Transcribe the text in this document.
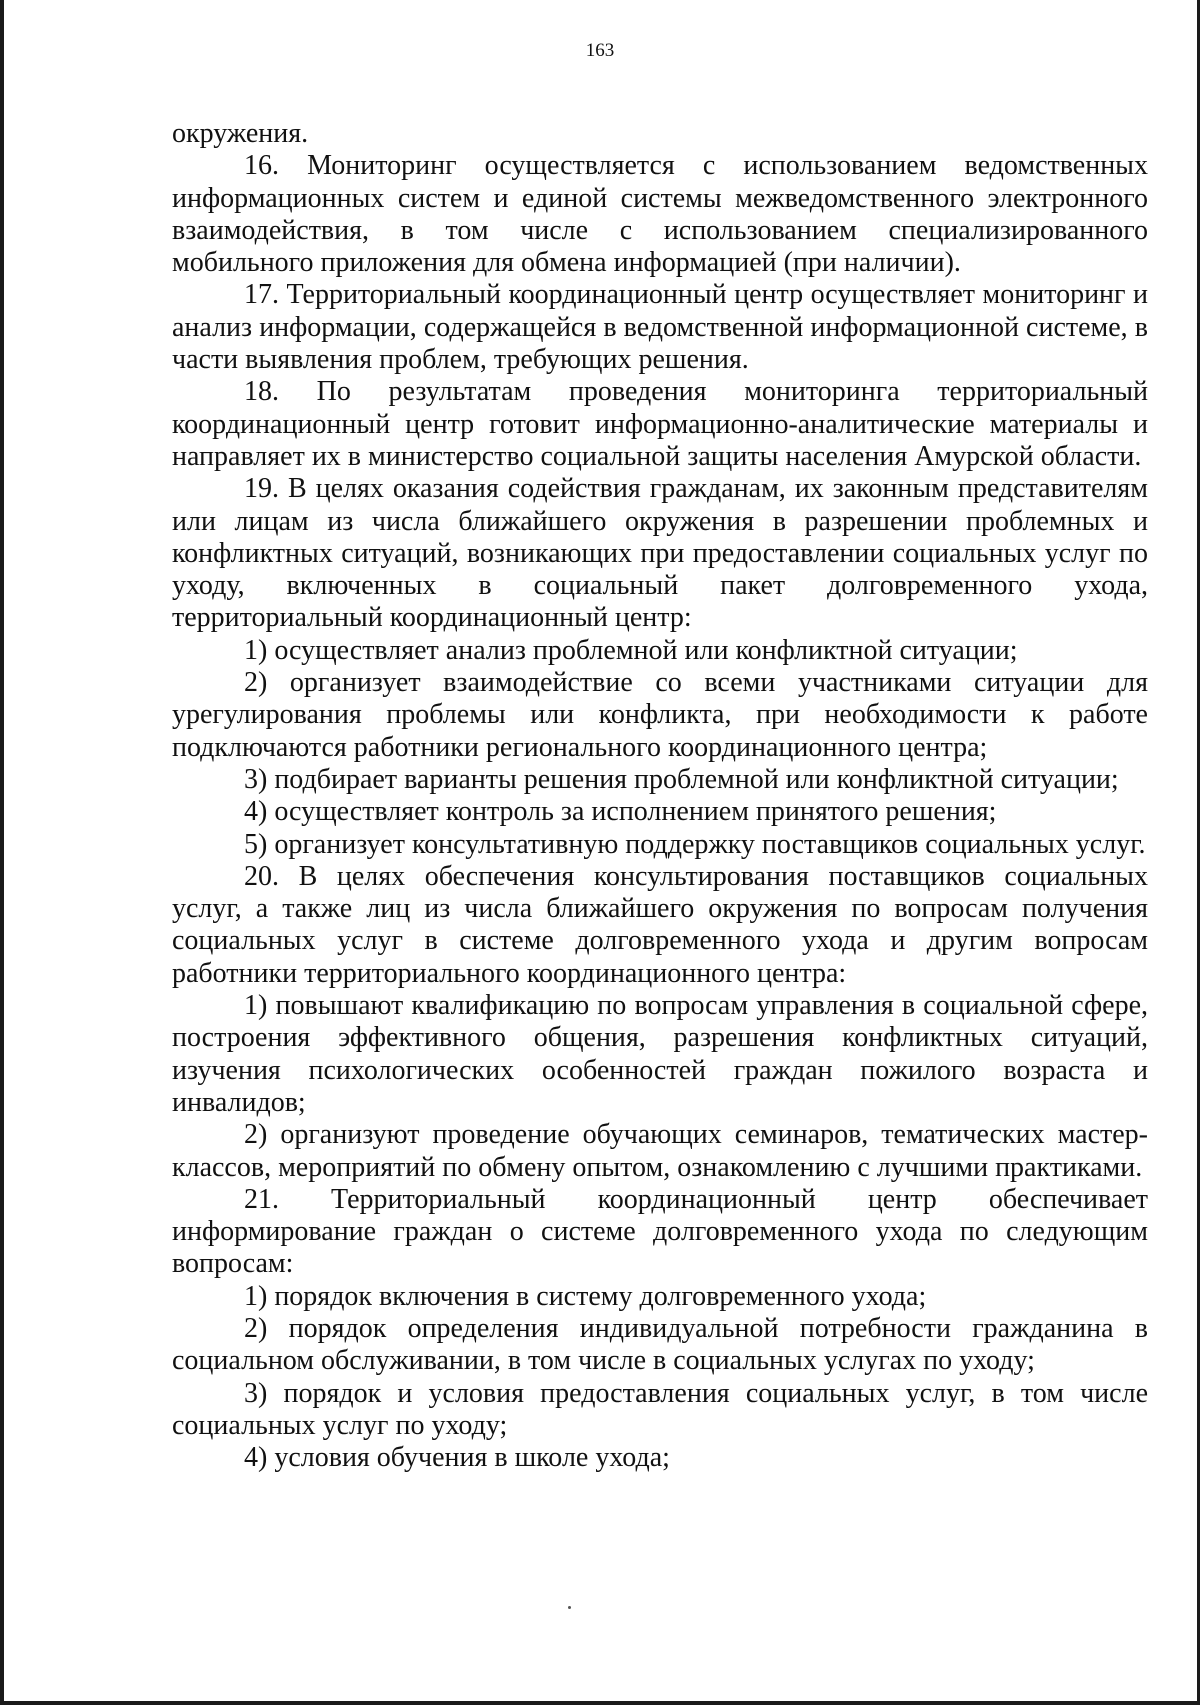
163

окружения.

16. Мониторинг осуществляется с использованием ведомственных информационных систем и единой системы межведомственного электронного взаимодействия, в том числе с использованием специализированного мобильного приложения для обмена информацией (при наличии).

17. Территориальный координационный центр осуществляет мониторинг и анализ информации, содержащейся в ведомственной информационной системе, в части выявления проблем, требующих решения.

18. По результатам проведения мониторинга территориальный координационный центр готовит информационно-аналитические материалы и направляет их в министерство социальной защиты населения Амурской области.

19. В целях оказания содействия гражданам, их законным представителям или лицам из числа ближайшего окружения в разрешении проблемных и конфликтных ситуаций, возникающих при предоставлении социальных услуг по уходу, включенных в социальный пакет долговременного ухода, территориальный координационный центр:

1) осуществляет анализ проблемной или конфликтной ситуации;

2) организует взаимодействие со всеми участниками ситуации для урегулирования проблемы или конфликта, при необходимости к работе подключаются работники регионального координационного центра;

3) подбирает варианты решения проблемной или конфликтной ситуации;

4) осуществляет контроль за исполнением принятого решения;

5) организует консультативную поддержку поставщиков социальных услуг.

20. В целях обеспечения консультирования поставщиков социальных услуг, а также лиц из числа ближайшего окружения по вопросам получения социальных услуг в системе долговременного ухода и другим вопросам работники территориального координационного центра:

1) повышают квалификацию по вопросам управления в социальной сфере, построения эффективного общения, разрешения конфликтных ситуаций, изучения психологических особенностей граждан пожилого возраста и инвалидов;

2) организуют проведение обучающих семинаров, тематических мастер-классов, мероприятий по обмену опытом, ознакомлению с лучшими практиками.

21. Территориальный координационный центр обеспечивает информирование граждан о системе долговременного ухода по следующим вопросам:

1) порядок включения в систему долговременного ухода;

2) порядок определения индивидуальной потребности гражданина в социальном обслуживании, в том числе в социальных услугах по уходу;

3) порядок и условия предоставления социальных услуг, в том числе социальных услуг по уходу;

4) условия обучения в школе ухода;
